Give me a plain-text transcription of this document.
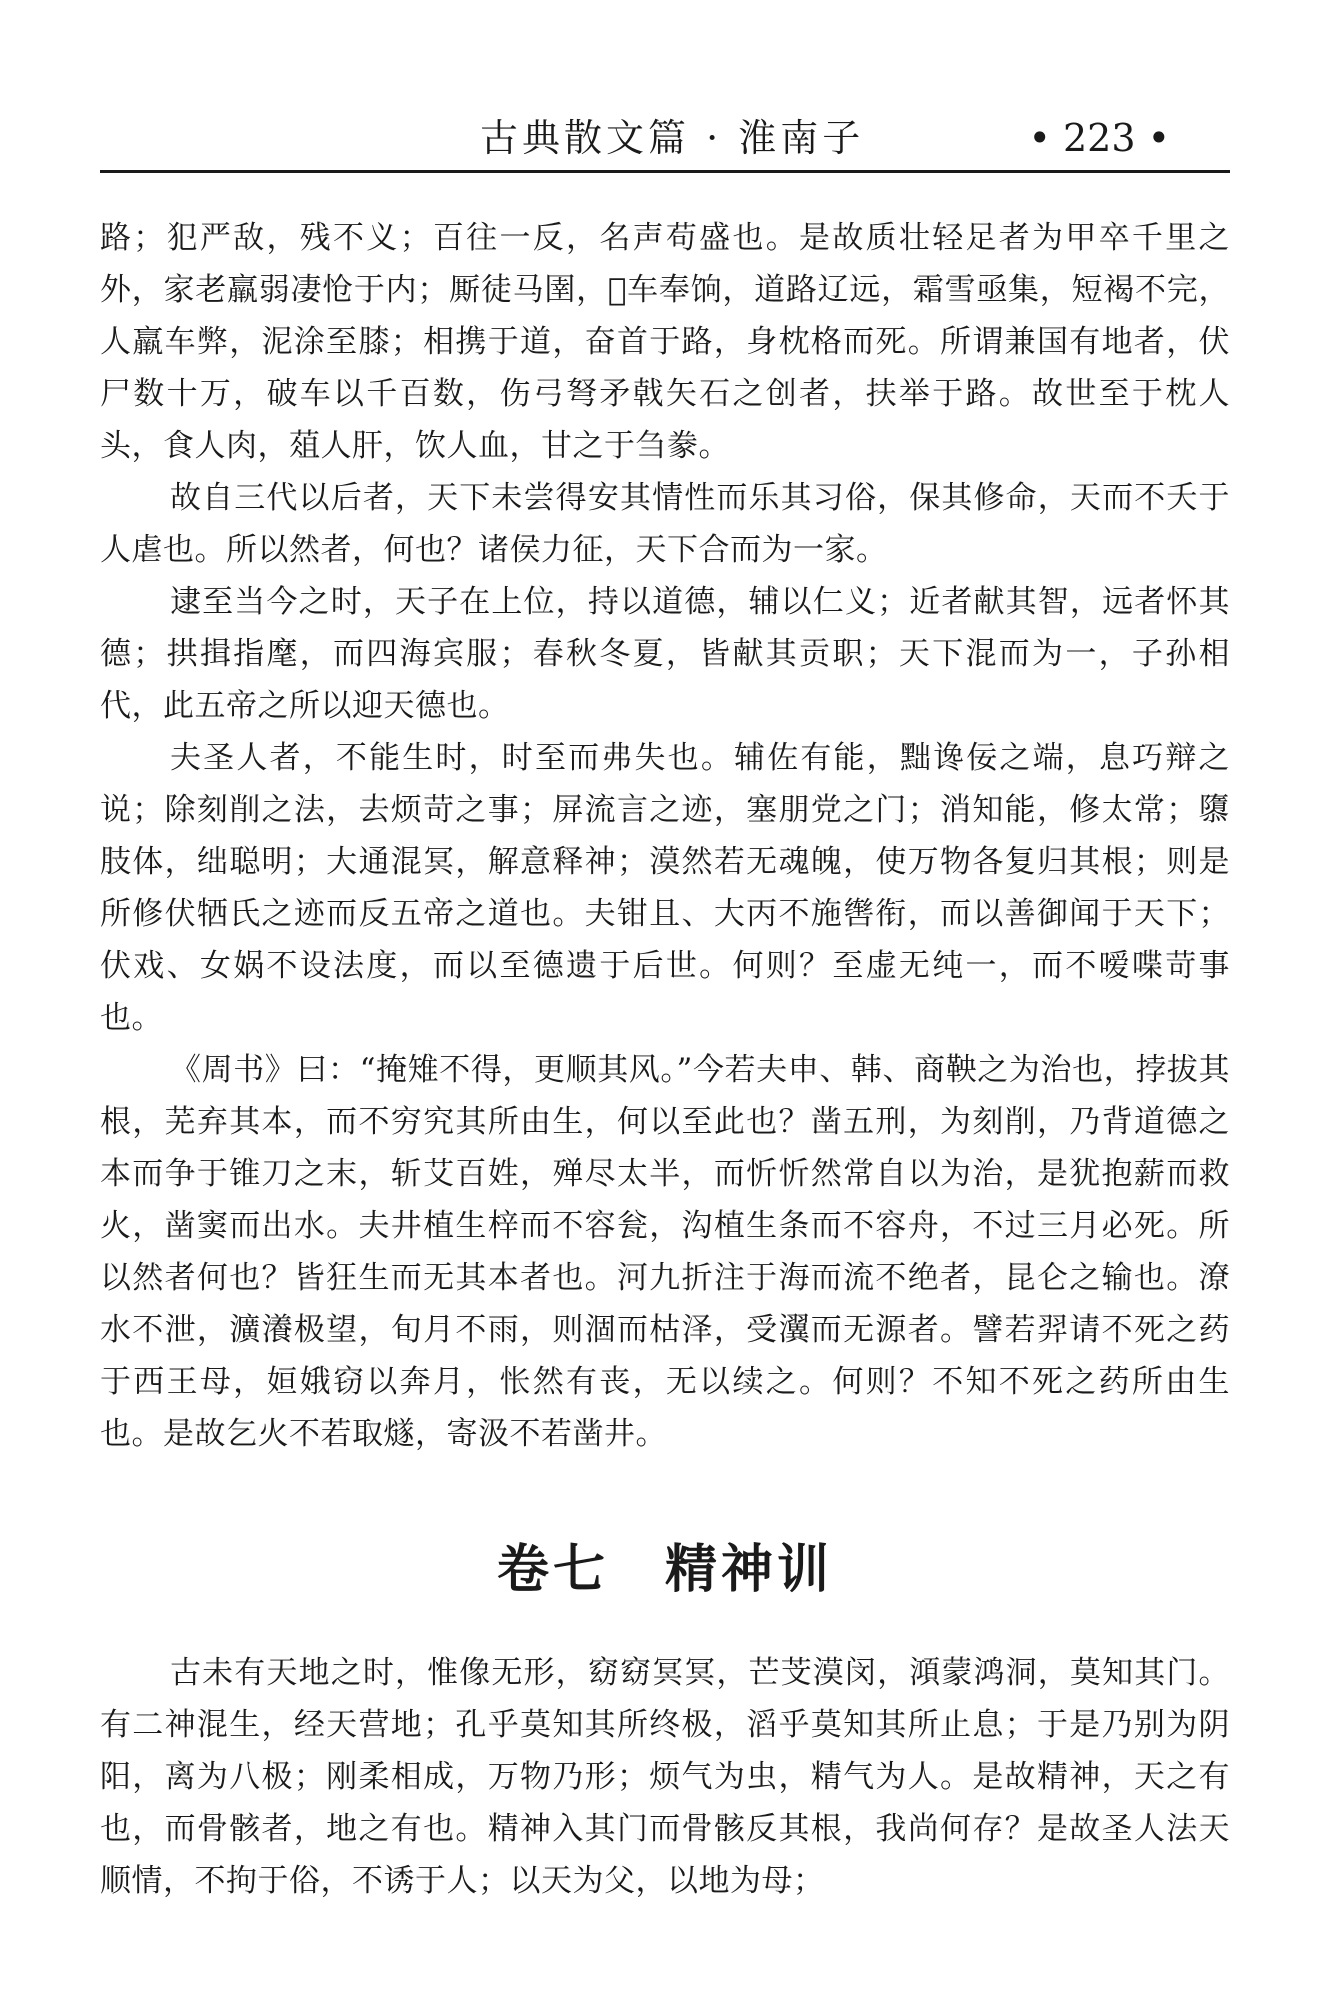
古典散文篇 · 淮南子	• 223 •

路；犯严敌，残不义；百往一反，名声苟盛也。是故质壮轻足者为甲卒千里之外，家老羸弱凄怆于内；厮徒马圉，𫐌车奉饷，道路辽远，霜雪亟集，短褐不完，人羸车弊，泥涂至膝；相携于道，奋首于路，身枕格而死。所谓兼国有地者，伏尸数十万，破车以千百数，伤弓弩矛戟矢石之创者，扶举于路。故世至于枕人头，食人肉，葅人肝，饮人血，甘之于刍豢。

故自三代以后者，天下未尝得安其情性而乐其习俗，保其修命，天而不夭于人虐也。所以然者，何也？诸侯力征，天下合而为一家。

逮至当今之时，天子在上位，持以道德，辅以仁义；近者献其智，远者怀其德；拱揖指麾，而四海宾服；春秋冬夏，皆献其贡职；天下混而为一，子孙相代，此五帝之所以迎天德也。

夫圣人者，不能生时，时至而弗失也。辅佐有能，黜谗佞之端，息巧辩之说；除刻削之法，去烦苛之事；屏流言之迹，塞朋党之门；消知能，修太常；隳肢体，绌聪明；大通混冥，解意释神；漠然若无魂魄，使万物各复归其根；则是所修伏牺氏之迹而反五帝之道也。夫钳且、大丙不施辔衔，而以善御闻于天下；伏戏、女娲不设法度，而以至德遗于后世。何则？至虚无纯一，而不嗳喋苛事也。

《周书》曰：“掩雉不得，更顺其风。”今若夫申、韩、商鞅之为治也，挬拔其根，芜弃其本，而不穷究其所由生，何以至此也？凿五刑，为刻削，乃背道德之本而争于锥刀之末，斩艾百姓，殚尽太半，而忻忻然常自以为治，是犹抱薪而救火，凿窦而出水。夫井植生梓而不容瓮，沟植生条而不容舟，不过三月必死。所以然者何也？皆狂生而无其本者也。河九折注于海而流不绝者，昆仑之输也。潦水不泄，瀇瀁极望，旬月不雨，则涸而枯泽，受瀷而无源者。譬若羿请不死之药于西王母，姮娥窃以奔月，怅然有丧，无以续之。何则？不知不死之药所由生也。是故乞火不若取燧，寄汲不若凿井。

卷七　精神训

古未有天地之时，惟像无形，窈窈冥冥，芒芠漠闵，澒蒙鸿洞，莫知其门。有二神混生，经天营地；孔乎莫知其所终极，滔乎莫知其所止息；于是乃别为阴阳，离为八极；刚柔相成，万物乃形；烦气为虫，精气为人。是故精神，天之有也，而骨骸者，地之有也。精神入其门而骨骸反其根，我尚何存？是故圣人法天顺情，不拘于俗，不诱于人；以天为父，以地为母；
